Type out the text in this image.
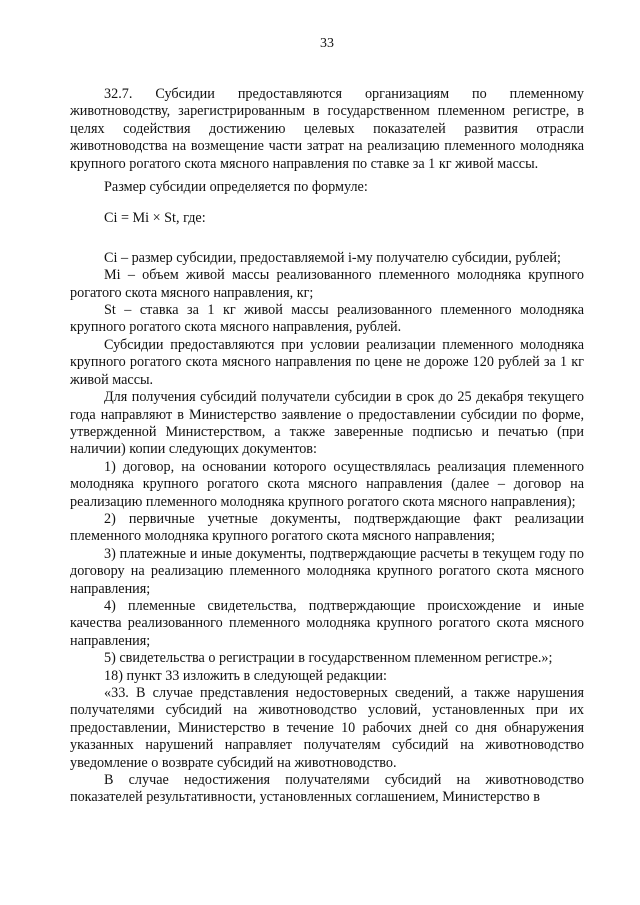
33

32.7. Субсидии предоставляются организациям по племенному животноводству, зарегистрированным в государственном племенном регистре, в целях содействия достижению целевых показателей развития отрасли животноводства на возмещение части затрат на реализацию племенного молодняка крупного рогатого скота мясного направления по ставке за 1 кг живой массы.

Размер субсидии определяется по формуле:

Ci = Mi × St, где:

Ci – размер субсидии, предоставляемой i-му получателю субсидии, рублей;

Mi – объем живой массы реализованного племенного молодняка крупного рогатого скота мясного направления, кг;

St – ставка за 1 кг живой массы реализованного племенного молодняка крупного рогатого скота мясного направления, рублей.

Субсидии предоставляются при условии реализации племенного молодняка крупного рогатого скота мясного направления по цене не дороже 120 рублей за 1 кг живой массы.

Для получения субсидий получатели субсидии в срок до 25 декабря текущего года направляют в Министерство заявление о предоставлении субсидии по форме, утвержденной Министерством, а также заверенные подписью и печатью (при наличии) копии следующих документов:

1) договор, на основании которого осуществлялась реализация племенного молодняка крупного рогатого скота мясного направления (далее – договор на реализацию племенного молодняка крупного рогатого скота мясного направления);

2) первичные учетные документы, подтверждающие факт реализации племенного молодняка крупного рогатого скота мясного направления;

3) платежные и иные документы, подтверждающие расчеты в текущем году по договору на реализацию племенного молодняка крупного рогатого скота мясного направления;

4) племенные свидетельства, подтверждающие происхождение и иные качества реализованного племенного молодняка крупного рогатого скота мясного направления;

5) свидетельства о регистрации в государственном племенном регистре.»;

18) пункт 33 изложить в следующей редакции:

«33. В случае представления недостоверных сведений, а также нарушения получателями субсидий на животноводство условий, установленных при их предоставлении, Министерство в течение 10 рабочих дней со дня обнаружения указанных нарушений направляет получателям субсидий на животноводство уведомление о возврате субсидий на животноводство.

В случае недостижения получателями субсидий на животноводство показателей результативности, установленных соглашением, Министерство в
